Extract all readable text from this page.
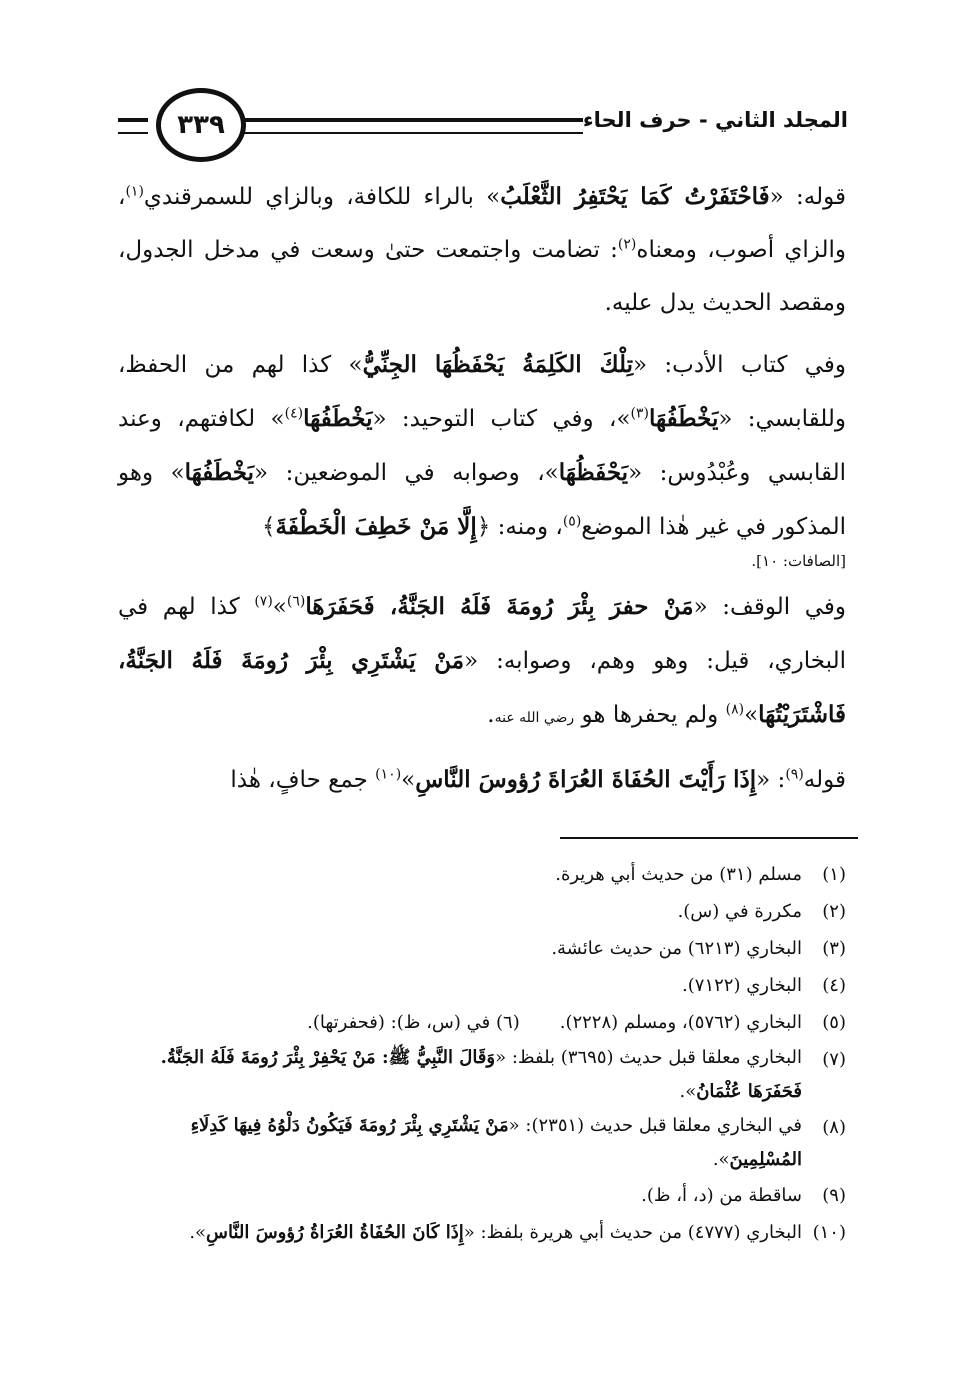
المجلد الثاني - حرف الحاء
٣٣٩

قوله: «فَاحْتَفَرْتُ كَمَا يَحْتَفِرُ الثَّعْلَبُ» بالراء للكافة، وبالزاي للسمرقندي$^{(١)}$، والزاي أصوب، ومعناه$^{(٢)}$: تضامت واجتمعت حتىٰ وسعت في مدخل الجدول، ومقصد الحديث يدل عليه.

وفي كتاب الأدب: «تِلْكَ الكَلِمَةُ يَحْفَظُهَا الجِنِّيُّ» كذا لهم من الحفظ، وللقابسي: «يَخْطَفُهَا$^{(٣)}$»، وفي كتاب التوحيد: «يَخْطَفُهَا$^{(٤)}$» لكافتهم، وعند القابسي وعُبْدُوس: «يَحْفَظُهَا»، وصوابه في الموضعين: «يَخْطَفُهَا» وهو المذكور في غير هٰذا الموضع$^{(٥)}$، ومنه: ﴿إِلَّا مَنْ خَطِفَ الْخَطْفَةَ﴾

[الصافات: ١٠].

وفي الوقف: «مَنْ حفرَ بِئْرَ رُومَةَ فَلَهُ الجَنَّةُ، فَحَفَرَهَا$^{(٦)}$»$^{(٧)}$ كذا لهم في البخاري، قيل: وهو وهم، وصوابه: «مَنْ يَشْتَرِي بِئْرَ رُومَةَ فَلَهُ الجَنَّةُ، فَاشْتَرَيْتُهَا»$^{(٨)}$ ولم يحفرها هو رضي الله عنه.

قوله$^{(٩)}$: «إِذَا رَأَيْتَ الحُفَاةَ العُرَاةَ رُؤوسَ النَّاسِ»$^{(١٠)}$ جمع حافٍ، هٰذا

(١)
مسلم (٣١) من حديث أبي هريرة.
(٢)
مكررة في (س).
(٣)
البخاري (٦٢١٣) من حديث عائشة.
(٤)
البخاري (٧١٢٢).
(٥)
البخاري (٥٧٦٢)، ومسلم (٢٢٢٨).(٦) في (س، ظ): (فحفرتها).
(٧)
البخاري معلقا قبل حديث (٣٦٩٥) بلفظ: «وَقَالَ النَّبِيُّ ﷺ: مَنْ يَحْفِرْ بِئْرَ رُومَةَ فَلَهُ الجَنَّةُ. فَحَفَرَهَا عُثْمَانُ».
(٨)
في البخاري معلقا قبل حديث (٢٣٥١): «مَنْ يَشْتَرِي بِئْرَ رُومَةَ فَيَكُونُ دَلْوُهُ فِيهَا كَدِلَاءِ المُسْلِمِينَ».
(٩)
ساقطة من (د، أ، ظ).
(١٠)
البخاري (٤٧٧٧) من حديث أبي هريرة بلفظ: «إِذَا كَانَ الحُفَاةُ العُرَاةُ رُؤوسَ النَّاسِ».
